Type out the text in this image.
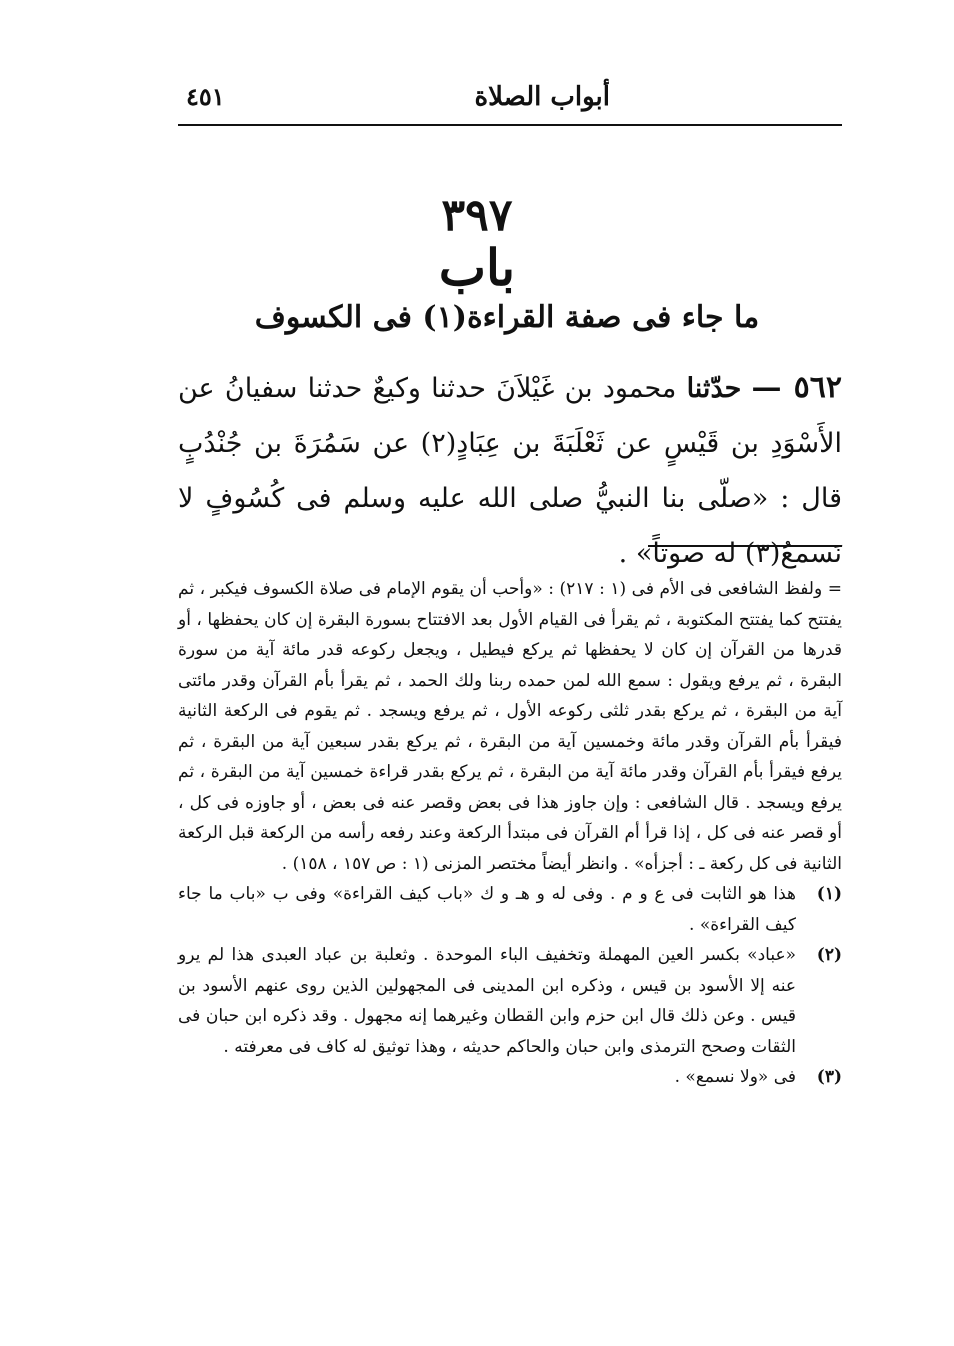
أبواب الصلاة
٤٥١
٣٩٧
باب
ما جاء فى صفة القراءة(١) فى الكسوف
٥٦٢ — حدّثنا محمود بن غَيْلاَنَ حدثنا وكيعٌ حدثنا سفيانُ عن الأَسْوَدِ بن قَيْسٍ عن ثَعْلَبَةَ بن عِبَادٍ(٢) عن سَمُرَةَ بن جُنْدُبٍ قال : «صلّى بنا النبيُّ صلى الله عليه وسلم فى كُسُوفٍ لا نَسمعُ(٣) له صوتاً» .

= ولفظ الشافعى فى الأم فى (١ : ٢١٧) : «وأحب أن يقوم الإمام فى صلاة الكسوف فيكبر ، ثم يفتتح كما يفتتح المكتوبة ، ثم يقرأ فى القيام الأول بعد الافتتاح بسورة البقرة إن كان يحفظها ، أو قدرها من القرآن إن كان لا يحفظها ثم يركع فيطيل ، ويجعل ركوعه قدر مائة آية من سورة البقرة ، ثم يرفع ويقول : سمع الله لمن حمده ربنا ولك الحمد ، ثم يقرأ بأم القرآن وقدر مائتى آية من البقرة ، ثم يركع بقدر ثلثى ركوعه الأول ، ثم يرفع ويسجد . ثم يقوم فى الركعة الثانية فيقرأ بأم القرآن وقدر مائة وخمسين آية من البقرة ، ثم يركع بقدر سبعين آية من البقرة ، ثم يرفع فيقرأ بأم القرآن وقدر مائة آية من البقرة ، ثم يركع بقدر قراءة خمسين آية من البقرة ، ثم يرفع ويسجد . قال الشافعى : وإن جاوز هذا فى بعض وقصر عنه فى بعض ، أو جاوزه فى كل ، أو قصر عنه فى كل ، إذا قرأ أم القرآن فى مبتدأ الركعة وعند رفعه رأسه من الركعة قبل الركعة الثانية فى كل ركعة ـ : أجزأه» . وانظر أيضاً مختصر المزنى (١ : ص ١٥٧ ، ١٥٨) .

(١)
هذا هو الثابت فى ع و م . وفى له و هـ و ك «باب كيف القراءة» وفى ب «باب ما جاء كيف القراءة» .
(٢)
«عباد» بكسر العين المهملة وتخفيف الباء الموحدة . وثعلبة بن عباد العبدى هذا لم يرو عنه إلا الأسود بن قيس ، وذكره ابن المدينى فى المجهولين الذين روى عنهم الأسود بن قيس . وعن ذلك قال ابن حزم وابن القطان وغيرهما إنه مجهول . وقد ذكره ابن حبان فى الثقات وصحح الترمذى وابن حبان والحاكم حديثه ، وهذا توثيق له كاف فى معرفته .
(٣)
فى «ولا نسمع» .
